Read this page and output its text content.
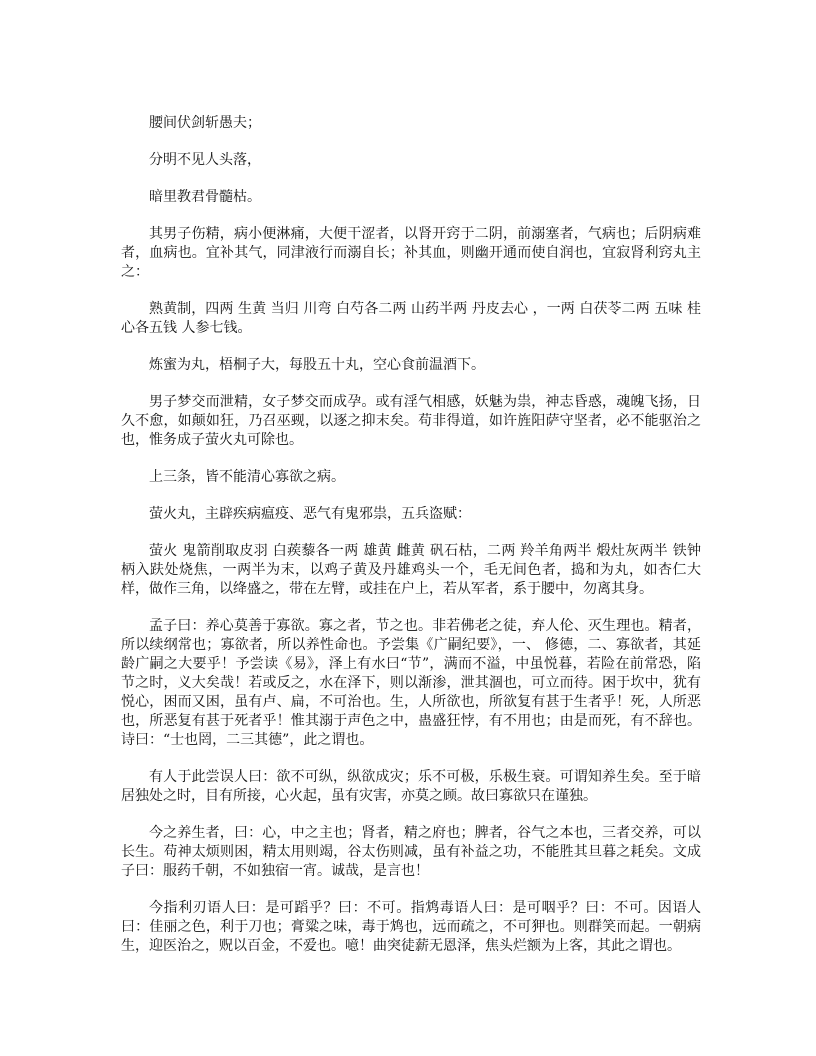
腰间伏剑斩愚夫；

分明不见人头落，

暗里教君骨髓枯。

其男子伤精，病小便淋痛，大便干涩者，以肾开窍于二阴，前溺塞者，气病也；后阴病难者，血病也。宜补其气，同津液行而溺自长；补其血，则幽开通而使自润也，宜寂肾利窍丸主之：

熟黄制，四两 生黄 当归 川弯 白芍各二两 山药半两 丹皮去心 ，一两 白茯苓二两 五味 桂心各五钱 人参七钱。

炼蜜为丸，梧桐子大，每股五十丸，空心食前温酒下。

男子梦交而泄精，女子梦交而成孕。或有淫气相感，妖魅为祟，神志昏惑，魂魄飞扬，日久不愈，如颠如狂，乃召巫觋，以逐之抑末矣。苟非得道，如许旌阳萨守坚者，必不能驱治之也，惟务成子萤火丸可除也。

上三条，皆不能清心寡欲之病。

萤火丸，主辟疾病瘟疫、恶气有鬼邪祟，五兵盗赋：

萤火 鬼箭削取皮羽 白蒺藜各一两 雄黄 雌黄 矾石枯，二两 羚羊角两半 煅灶灰两半 铁钟柄入趺处烧焦，一两半为末，以鸡子黄及丹雄鸡头一个，毛无间色者，捣和为丸，如杏仁大样，做作三角，以绛盛之，带在左臂，或挂在户上，若从军者，系于腰中，勿离其身。

孟子曰：养心莫善于寡欲。寡之者，节之也。非若佛老之徒，弃人伦、灭生理也。精者，所以续纲常也；寡欲者，所以养性命也。予尝集《广嗣纪要》，一、 修德，二、寡欲者，其延龄广嗣之大要乎！予尝读《易》，泽上有水曰“节”，满而不溢，中虽悦暮，若险在前常恐，陷节之时，义大矣哉！若或反之，水在泽下，则以渐渗，泄其涸也，可立而待。困于坎中，犹有悦心，困而又困，虽有卢、扁，不可治也。生，人所欲也，所欲复有甚于生者乎！死，人所恶也，所恶复有甚于死者乎！惟其溺于声色之中，蛊盛狂悖，有不用也；由是而死，有不辞也。诗曰：“士也罔，二三其德”，此之谓也。

有人于此尝误人曰：欲不可纵，纵欲成灾；乐不可极，乐极生衰。可谓知养生矣。至于暗居独处之时，目有所接，心火起，虽有灾害，亦莫之顾。故曰寡欲只在谨独。

今之养生者，曰：心，中之主也；肾者，精之府也；脾者，谷气之本也，三者交养，可以长生。苟神太烦则困，精太用则竭，谷太伤则减，虽有补益之功，不能胜其旦暮之耗矣。文成子曰：服药千朝，不如独宿一宵。诚哉，是言也！

今指利刃语人曰：是可蹈乎？曰：不可。指鸩毒语人曰：是可咽乎？曰：不可。因语人曰：佳丽之色，利于刀也；膏粱之味，毒于鸩也，远而疏之，不可狎也。则群笑而起。一朝病生，迎医治之，贶以百金，不爱也。噫！曲突徒薪无恩泽，焦头烂额为上客，其此之谓也。
